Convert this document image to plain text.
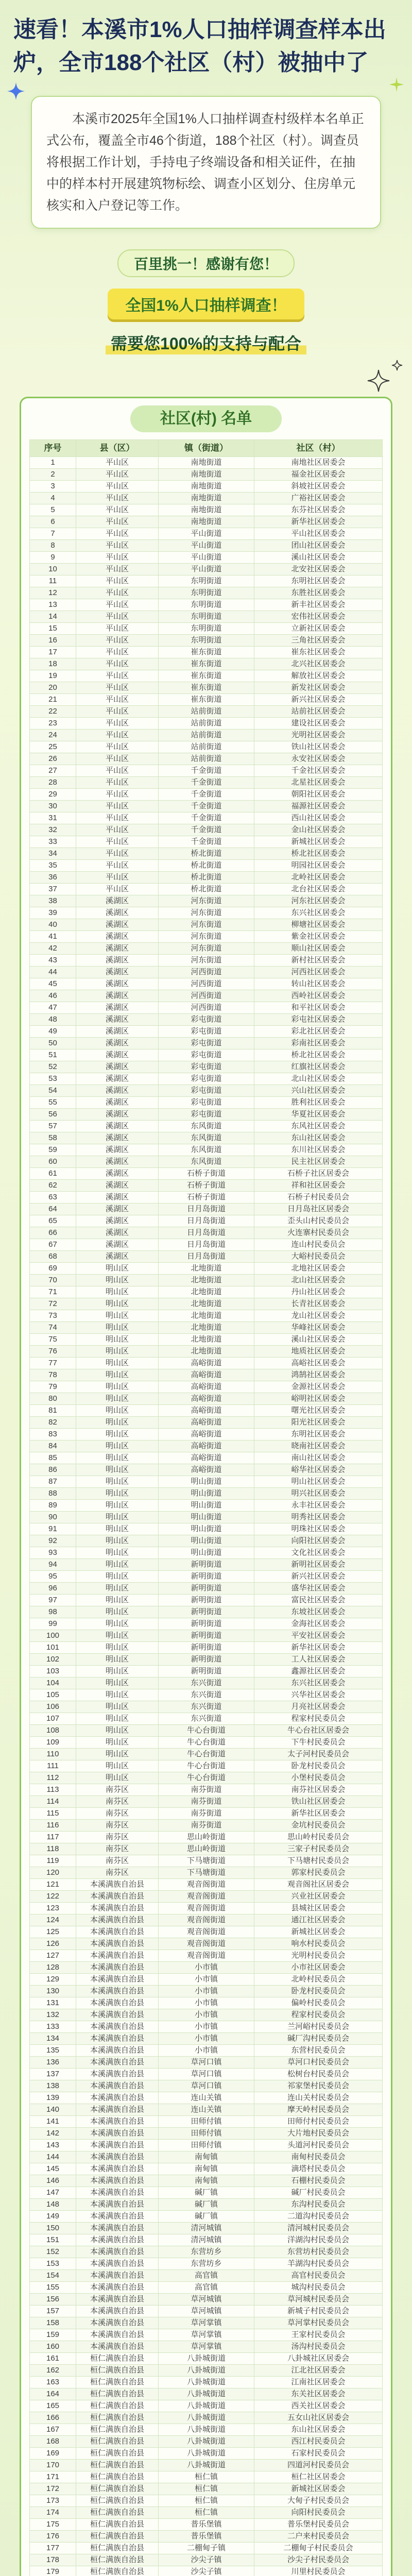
速看！本溪市1%人口抽样调查样本出
炉，全市188个社区（村）被抽中了
本溪市2025年全国1%人口抽样调查村级样本名单正式公布，覆盖全市46个街道，188个社区（村）。调查员将根据工作计划，手持电子终端设备和相关证件，在抽中的样本村开展建筑物标绘、调查小区划分、住房单元核实和入户登记等工作。
百里挑一！感谢有您！
全国1%人口抽样调查！
需要您100%的支持与配合
社区(村) 名单
序号	县（区）	镇（街道）	社区（村）
1	平山区	南地街道	南地社区居委会
2	平山区	南地街道	福金社区居委会
3	平山区	南地街道	斜坡社区居委会
4	平山区	南地街道	广裕社区居委会
5	平山区	南地街道	东芬社区居委会
6	平山区	南地街道	新华社区居委会
7	平山区	平山街道	平山社区居委会
8	平山区	平山街道	团山社区居委会
9	平山区	平山街道	溪山社区居委会
10	平山区	平山街道	北安社区居委会
11	平山区	东明街道	东明社区居委会
12	平山区	东明街道	东胜社区居委会
13	平山区	东明街道	新丰社区居委会
14	平山区	东明街道	宏伟社区居委会
15	平山区	东明街道	立新社区居委会
16	平山区	东明街道	三角社区居委会
17	平山区	崔东街道	崔东社区居委会
18	平山区	崔东街道	北兴社区居委会
19	平山区	崔东街道	解放社区居委会
20	平山区	崔东街道	新发社区居委会
21	平山区	崔东街道	新兴社区居委会
22	平山区	站前街道	站前社区居委会
23	平山区	站前街道	建设社区居委会
24	平山区	站前街道	光明社区居委会
25	平山区	站前街道	铁山社区居委会
26	平山区	站前街道	永安社区居委会
27	平山区	千金街道	千金社区居委会
28	平山区	千金街道	北星社区居委会
29	平山区	千金街道	朝阳社区居委会
30	平山区	千金街道	福源社区居委会
31	平山区	千金街道	西山社区居委会
32	平山区	千金街道	金山社区居委会
33	平山区	千金街道	新城社区居委会
34	平山区	桥北街道	桥北社区居委会
35	平山区	桥北街道	明园社区居委会
36	平山区	桥北街道	北岭社区居委会
37	平山区	桥北街道	北台社区居委会
38	溪湖区	河东街道	河东社区居委会
39	溪湖区	河东街道	东兴社区居委会
40	溪湖区	河东街道	柳塘社区居委会
41	溪湖区	河东街道	紫金社区居委会
42	溪湖区	河东街道	顺山社区居委会
43	溪湖区	河东街道	新村社区居委会
44	溪湖区	河西街道	河西社区居委会
45	溪湖区	河西街道	转山社区居委会
46	溪湖区	河西街道	西岭社区居委会
47	溪湖区	河西街道	和平社区居委会
48	溪湖区	彩屯街道	彩屯社区居委会
49	溪湖区	彩屯街道	彩北社区居委会
50	溪湖区	彩屯街道	彩南社区居委会
51	溪湖区	彩屯街道	桥北社区居委会
52	溪湖区	彩屯街道	红旗社区居委会
53	溪湖区	彩屯街道	北山社区居委会
54	溪湖区	彩屯街道	兴山社区居委会
55	溪湖区	彩屯街道	胜利社区居委会
56	溪湖区	彩屯街道	华夏社区居委会
57	溪湖区	东风街道	东风社区居委会
58	溪湖区	东风街道	东山社区居委会
59	溪湖区	东风街道	东川社区居委会
60	溪湖区	东风街道	民主社区居委会
61	溪湖区	石桥子街道	石桥子社区居委会
62	溪湖区	石桥子街道	祥和社区居委会
63	溪湖区	石桥子街道	石桥子村民委员会
64	溪湖区	日月岛街道	日月岛社区居委会
65	溪湖区	日月岛街道	歪头山村民委员会
66	溪湖区	日月岛街道	火连寨村民委员会
67	溪湖区	日月岛街道	连山村民委员会
68	溪湖区	日月岛街道	大峪村民委员会
69	明山区	北地街道	北地社区居委会
70	明山区	北地街道	北山社区居委会
71	明山区	北地街道	丹山社区居委会
72	明山区	北地街道	长青社区居委会
73	明山区	北地街道	龙山社区居委会
74	明山区	北地街道	华峰社区居委会
75	明山区	北地街道	溪山社区居委会
76	明山区	北地街道	地质社区居委会
77	明山区	高峪街道	高峪社区居委会
78	明山区	高峪街道	鸿鹄社区居委会
79	明山区	高峪街道	金源社区居委会
80	明山区	高峪街道	峪明社区居委会
81	明山区	高峪街道	曙光社区居委会
82	明山区	高峪街道	阳光社区居委会
83	明山区	高峪街道	东明社区居委会
84	明山区	高峪街道	晓南社区居委会
85	明山区	高峪街道	南山社区居委会
86	明山区	高峪街道	峪华社区居委会
87	明山区	明山街道	明山社区居委会
88	明山区	明山街道	明兴社区居委会
89	明山区	明山街道	永丰社区居委会
90	明山区	明山街道	明秀社区居委会
91	明山区	明山街道	明珠社区居委会
92	明山区	明山街道	向阳社区居委会
93	明山区	明山街道	文化社区居委会
94	明山区	新明街道	新明社区居委会
95	明山区	新明街道	新兴社区居委会
96	明山区	新明街道	盛华社区居委会
97	明山区	新明街道	富民社区居委会
98	明山区	新明街道	东坡社区居委会
99	明山区	新明街道	金海社区居委会
100	明山区	新明街道	平安社区居委会
101	明山区	新明街道	新华社区居委会
102	明山区	新明街道	工人社区居委会
103	明山区	新明街道	鑫源社区居委会
104	明山区	东兴街道	东兴社区居委会
105	明山区	东兴街道	兴华社区居委会
106	明山区	东兴街道	月亮社区居委会
107	明山区	东兴街道	程家村民委员会
108	明山区	牛心台街道	牛心台社区居委会
109	明山区	牛心台街道	下牛村民委员会
110	明山区	牛心台街道	太子河村民委员会
111	明山区	牛心台街道	卧龙村民委员会
112	明山区	牛心台街道	小堡村民委员会
113	南芬区	南芬街道	南芬社区居委会
114	南芬区	南芬街道	铁山社区居委会
115	南芬区	南芬街道	新华社区居委会
116	南芬区	南芬街道	金坑村民委员会
117	南芬区	思山岭街道	思山岭村民委员会
118	南芬区	思山岭街道	三家子村民委员会
119	南芬区	下马塘街道	下马塘村民委员会
120	南芬区	下马塘街道	郭家村民委员会
121	本溪满族自治县	观音阁街道	观音阁社区居委会
122	本溪满族自治县	观音阁街道	兴业社区居委会
123	本溪满族自治县	观音阁街道	县城社区居委会
124	本溪满族自治县	观音阁街道	通江社区居委会
125	本溪满族自治县	观音阁街道	新城社区居委会
126	本溪满族自治县	观音阁街道	响水村民委员会
127	本溪满族自治县	观音阁街道	光明村民委员会
128	本溪满族自治县	小市镇	小市社区居委会
129	本溪满族自治县	小市镇	北岭村民委员会
130	本溪满族自治县	小市镇	卧龙村民委员会
131	本溪满族自治县	小市镇	偏岭村民委员会
132	本溪满族自治县	小市镇	程家村民委员会
133	本溪满族自治县	小市镇	兰河峪村民委员会
134	本溪满族自治县	小市镇	碱厂沟村民委员会
135	本溪满族自治县	小市镇	东营村民委员会
136	本溪满族自治县	草河口镇	草河口村民委员会
137	本溪满族自治县	草河口镇	松树台村民委员会
138	本溪满族自治县	草河口镇	祁家堡村民委员会
139	本溪满族自治县	连山关镇	连山关村民委员会
140	本溪满族自治县	连山关镇	摩天岭村民委员会
141	本溪满族自治县	田师付镇	田师付村民委员会
142	本溪满族自治县	田师付镇	大片地村民委员会
143	本溪满族自治县	田师付镇	头道河村民委员会
144	本溪满族自治县	南甸镇	南甸村民委员会
145	本溪满族自治县	南甸镇	滴塔村民委员会
146	本溪满族自治县	南甸镇	石棚村民委员会
147	本溪满族自治县	碱厂镇	碱厂村民委员会
148	本溪满族自治县	碱厂镇	东沟村民委员会
149	本溪满族自治县	碱厂镇	二道沟村民委员会
150	本溪满族自治县	清河城镇	清河城村民委员会
151	本溪满族自治县	清河城镇	洋湖沟村民委员会
152	本溪满族自治县	东营坊乡	东营坊村民委员会
153	本溪满族自治县	东营坊乡	羊湖沟村民委员会
154	本溪满族自治县	高官镇	高官村民委员会
155	本溪满族自治县	高官镇	城沟村民委员会
156	本溪满族自治县	草河城镇	草河城村民委员会
157	本溪满族自治县	草河城镇	新城子村民委员会
158	本溪满族自治县	草河掌镇	草河掌村民委员会
159	本溪满族自治县	草河掌镇	王家村民委员会
160	本溪满族自治县	草河掌镇	汤沟村民委员会
161	桓仁满族自治县	八卦城街道	八卦城社区居委会
162	桓仁满族自治县	八卦城街道	江北社区居委会
163	桓仁满族自治县	八卦城街道	江南社区居委会
164	桓仁满族自治县	八卦城街道	东关社区居委会
165	桓仁满族自治县	八卦城街道	西关社区居委会
166	桓仁满族自治县	八卦城街道	五女山社区居委会
167	桓仁满族自治县	八卦城街道	东山社区居委会
168	桓仁满族自治县	八卦城街道	西江村民委员会
169	桓仁满族自治县	八卦城街道	石家村民委员会
170	桓仁满族自治县	八卦城街道	四道河村民委员会
171	桓仁满族自治县	桓仁镇	桓仁社区居委会
172	桓仁满族自治县	桓仁镇	新城社区居委会
173	桓仁满族自治县	桓仁镇	大甸子村民委员会
174	桓仁满族自治县	桓仁镇	向阳村民委员会
175	桓仁满族自治县	普乐堡镇	普乐堡村民委员会
176	桓仁满族自治县	普乐堡镇	二户来村民委员会
177	桓仁满族自治县	二棚甸子镇	二棚甸子村民委员会
178	桓仁满族自治县	沙尖子镇	沙尖子村民委员会
179	桓仁满族自治县	沙尖子镇	川里村民委员会
